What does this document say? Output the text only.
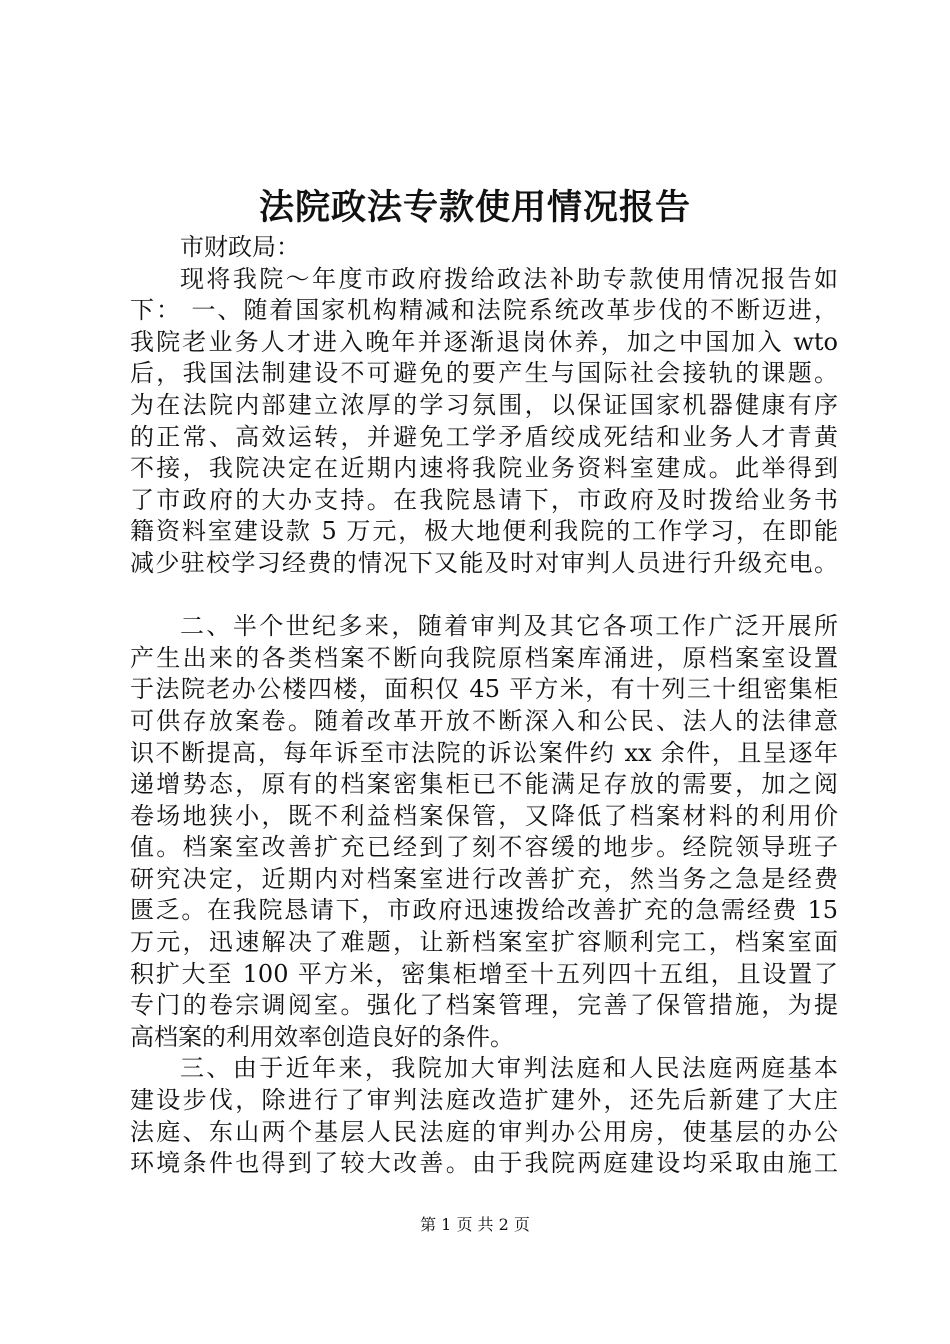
法院政法专款使用情况报告
市财政局：
现将我院～年度市政府拨给政法补助专款使用情况报告如
下： 一、随着国家机构精减和法院系统改革步伐的不断迈进，
我院老业务人才进入晚年并逐渐退岗休养，加之中国加入 wto
后，我国法制建设不可避免的要产生与国际社会接轨的课题。
为在法院内部建立浓厚的学习氛围，以保证国家机器健康有序
的正常、高效运转，并避免工学矛盾绞成死结和业务人才青黄
不接，我院决定在近期内速将我院业务资料室建成。此举得到
了市政府的大办支持。在我院恳请下，市政府及时拨给业务书
籍资料室建设款 5 万元，极大地便利我院的工作学习，在即能
减少驻校学习经费的情况下又能及时对审判人员进行升级充电。
二、半个世纪多来，随着审判及其它各项工作广泛开展所
产生出来的各类档案不断向我院原档案库涌进，原档案室设置
于法院老办公楼四楼，面积仅 45 平方米，有十列三十组密集柜
可供存放案卷。随着改革开放不断深入和公民、法人的法律意
识不断提高，每年诉至市法院的诉讼案件约 xx 余件，且呈逐年
递增势态，原有的档案密集柜已不能满足存放的需要，加之阅
卷场地狭小，既不利益档案保管，又降低了档案材料的利用价
值。档案室改善扩充已经到了刻不容缓的地步。经院领导班子
研究决定，近期内对档案室进行改善扩充，然当务之急是经费
匮乏。在我院恳请下，市政府迅速拨给改善扩充的急需经费 15
万元，迅速解决了难题，让新档案室扩容顺利完工，档案室面
积扩大至 100 平方米，密集柜增至十五列四十五组，且设置了
专门的卷宗调阅室。强化了档案管理，完善了保管措施，为提
高档案的利用效率创造良好的条件。
三、由于近年来，我院加大审判法庭和人民法庭两庭基本
建设步伐，除进行了审判法庭改造扩建外，还先后新建了大庄
法庭、东山两个基层人民法庭的审判办公用房，使基层的办公
环境条件也得到了较大改善。由于我院两庭建设均采取由施工
第 1 页 共 2 页
